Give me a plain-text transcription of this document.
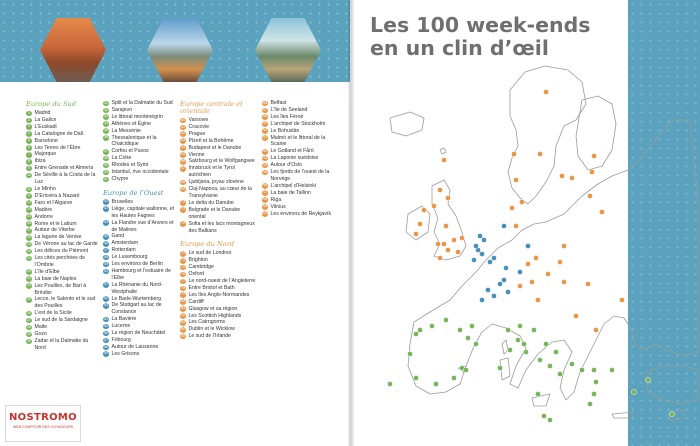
Europe du Sud
1 Madrid
2 La Galice
3 L’Euskadi
4 La Catalogne de Dalí
5 Barcelone
6 Les Terres de l’Èbre
7 Majorque
8 Ibiza
9 Entre Grenade et Almería
10 De Séville à la Costa de la Luz
11 Le Minho
12 D’Ericeira à Nazaré
13 Faro et l’Algarve
14 Madère
15 Andorre
16 Rome et le Latium
17 Autour de Viterbe
18 La lagune de Venise
19 De Vérone au lac de Garde
20 Les délices du Piémont
21 Les cités perchées de l’Ombrie
22 L’île d’Elbe
23 La baie de Naples
24 Les Pouilles, de Bari à Brindisi
25 Lecce, le Salento et le sud des Pouilles
26 L’est de la Sicile
27 Le sud de la Sardaigne
28 Malte
29 Gozo
30 Zadar et la Dalmatie du Nord
31 Split et la Dalmatie du Sud
32 Sarajevo
33 Le littoral monténégrin
34 Athènes et Égine
35 La Messénie
36 Thessalonique et la Chalcidique
37 Corfou et Paxos
38 La Crète
39 Rhodes et Symi
40 Istanbul, rive occidentale
41 Chypre
Europe de l’Ouest
42 Bruxelles
43 Liège, capitale wallonne, et les Hautes Fagnes
44 La Flandre vue d’Anvers et de Malines
45 Gand
46 Amsterdam
47 Rotterdam
48 Le Luxembourg
49 Les environs de Berlin
50 Hambourg et l’estuaire de l’Elbe
51 La Rhénanie du Nord-Westphalie
52 Le Bade-Wurtemberg
53 De Stuttgart au lac de Constance
54 La Bavière
55 Lucerne
56 La région de Neuchâtel
57 Fribourg
58 Autour de Lausanne
59 Les Grisons
Europe centrale et orientale
60 Varsovie
61 Cracovie
62 Prague
63 Plzeň et la Bohême
64 Budapest et le Danube
65 Vienne
66 Salzbourg et le Wolfgangsee
67 Innsbruck et le Tyrol autrichien
68 Ljubljana, joyau slovène
69 Cluj-Napoca, au cœur de la Transylvanie
70 Le delta du Danube
71 Belgrade et le Danube oriental
72 Sofia et les lacs montagneux des Balkans
Europe du Nord
73 Le sud de Londres
74 Brighton
75 Cambridge
76 Oxford
77 Le nord-ouest de l’Angleterre
78 Entre Bristol et Bath
79 Les îles Anglo-Normandes
80 Cardiff
81 Glasgow et sa région
82 Les Scottish Highlands
83 Les Cairngorms
84 Dublin et le Wicklow
85 Le sud de l’Irlande
86 Belfast
87 L’île de Seeland
88 Les îles Féroé
89 L’archipel de Stockholm
90 Le Bohuslän
91 Malmö et le littoral de la Scanie
92 Le Gotland et Fårö
93 La Laponie suédoise
94 Autour d’Oslo
95 Les fjords de l’ouest de la Norvège
96 L’archipel d’Helsinki
97 La baie de Tallinn
98 Riga
99 Vilnius
100 Les environs de Reykjavík
NOSTROMO
WEB COMPTOIR DES VOYAGEURS
Les 100 week-ends
en un clin d’œil
